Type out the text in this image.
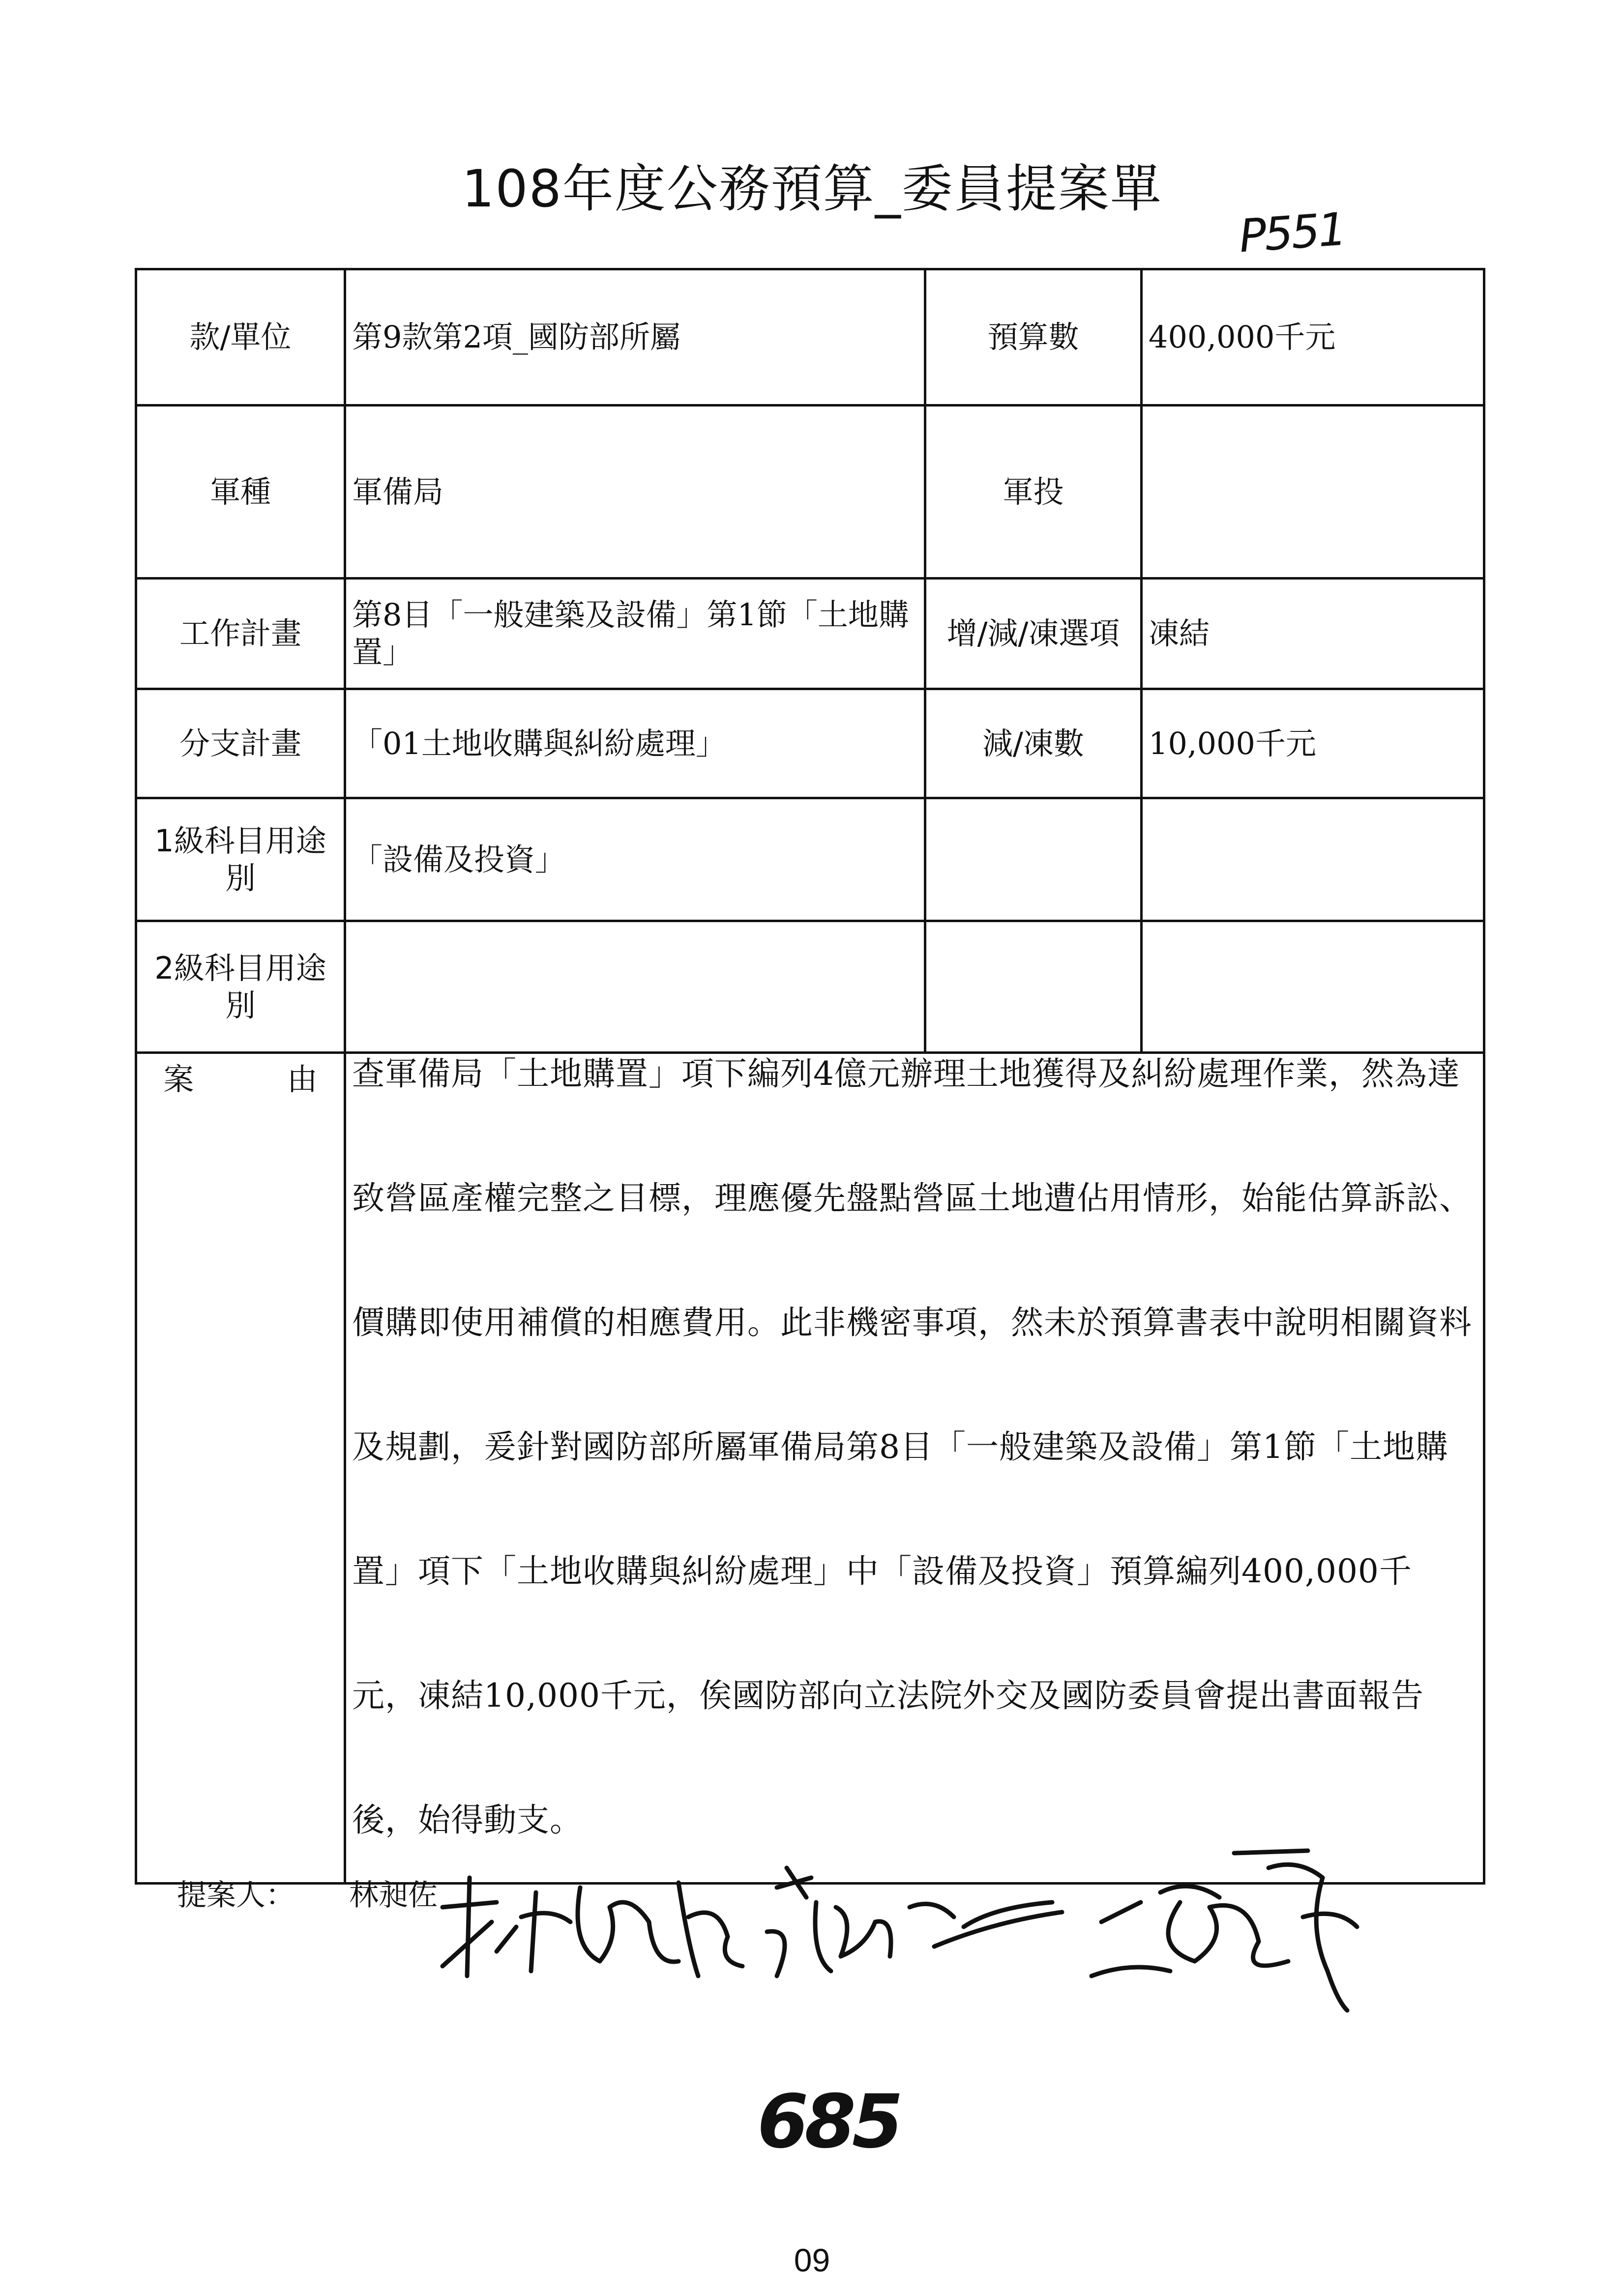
108年度公務預算_委員提案單
P551
款/單位	第9款第2項_國防部所屬	預算數	400,000千元
軍種	軍備局	軍投	
工作計畫	第8目「一般建築及設備」第1節「土地購置」	增/減/凍選項	凍結
分支計畫	「01土地收購與糾紛處理」	減/凍數	10,000千元
1級科目用途別	「設備及投資」		
2級科目用途別			
案 由	查軍備局「土地購置」項下編列4億元辦理土地獲得及糾紛處理作業，然為達致營區產權完整之目標，理應優先盤點營區土地遭佔用情形，始能估算訴訟、價購即使用補償的相應費用。此非機密事項，然未於預算書表中說明相關資料及規劃，爰針對國防部所屬軍備局第8目「一般建築及設備」第1節「土地購置」項下「土地收購與糾紛處理」中「設備及投資」預算編列400,000千元，凍結10,000千元，俟國防部向立法院外交及國防委員會提出書面報告後，始得動支。		
提案人： 林昶佐
685
09
